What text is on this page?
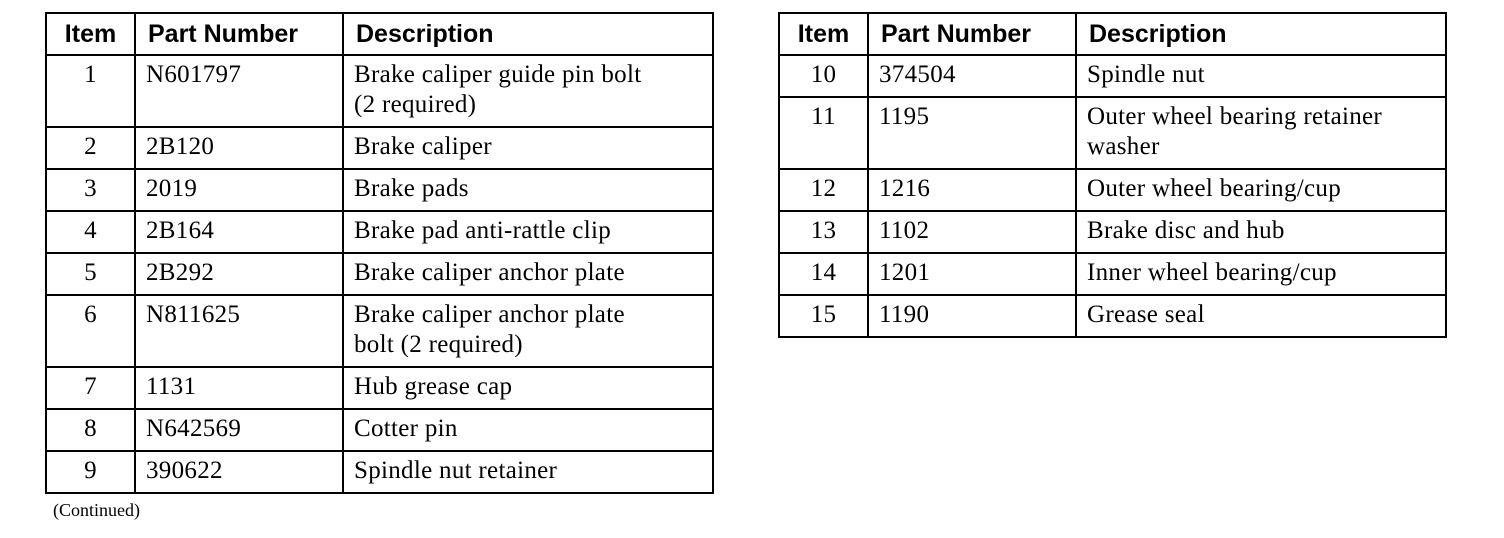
Item	Part Number	Description
1	N601797	Brake caliper guide pin bolt
(2 required)

2	2B120	Brake caliper

3	2019	Brake pads

4	2B164	Brake pad anti-rattle clip

5	2B292	Brake caliper anchor plate

6	N811625	Brake caliper anchor plate
bolt (2 required)

7	1131	Hub grease cap

8	N642569	Cotter pin

9	390622	Spindle nut retainer
Item	Part Number	Description
10	374504	Spindle nut

11	1195	Outer wheel bearing retainer
washer

12	1216	Outer wheel bearing/cup

13	1102	Brake disc and hub

14	1201	Inner wheel bearing/cup

15	1190	Grease seal
(Continued)
